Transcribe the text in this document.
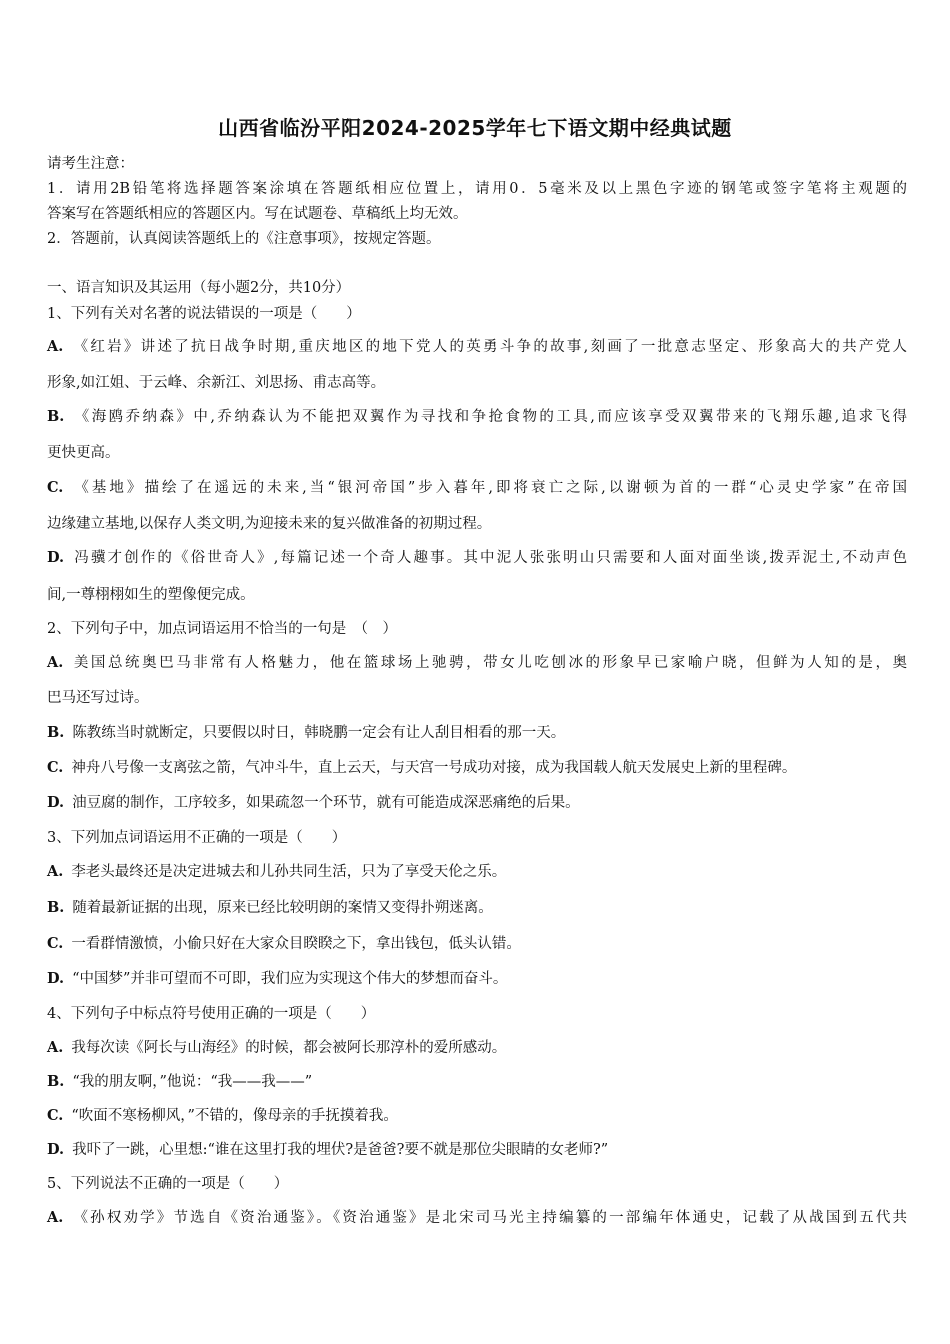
山西省临汾平阳2024-2025学年七下语文期中经典试题
请考生注意：
1．请用2B铅笔将选择题答案涂填在答题纸相应位置上，请用0．5毫米及以上黑色字迹的钢笔或签字笔将主观题的
答案写在答题纸相应的答题区内。写在试题卷、草稿纸上均无效。
2．答题前，认真阅读答题纸上的《注意事项》，按规定答题。
一、语言知识及其运用（每小题2分，共10分）
1、下列有关对名著的说法错误的一项是（　　）
A. 《红岩》讲述了抗日战争时期,重庆地区的地下党人的英勇斗争的故事,刻画了一批意志坚定、形象高大的共产党人
形象,如江姐、于云峰、余新江、刘思扬、甫志高等。
B. 《海鸥乔纳森》中,乔纳森认为不能把双翼作为寻找和争抢食物的工具,而应该享受双翼带来的飞翔乐趣,追求飞得
更快更高。
C. 《基地》描绘了在遥远的未来,当“银河帝国”步入暮年,即将衰亡之际,以谢顿为首的一群“心灵史学家”在帝国
边缘建立基地,以保存人类文明,为迎接未来的复兴做准备的初期过程。
D. 冯骥才创作的《俗世奇人》,每篇记述一个奇人趣事。其中泥人张张明山只需要和人面对面坐谈,拨弄泥土,不动声色
间,一尊栩栩如生的塑像便完成。
2、下列句子中，加点词语运用不恰当的一句是　（　）
A. 美国总统奥巴马非常有人格魅力，他在篮球场上驰骋，带女儿吃刨冰的形象早已家喻户晓，但鲜为人知的是，奥
巴马还写过诗。
B. 陈教练当时就断定，只要假以时日，韩晓鹏一定会有让人刮目相看的那一天。
C. 神舟八号像一支离弦之箭，气冲斗牛，直上云天，与天宫一号成功对接，成为我国载人航天发展史上新的里程碑。
D. 油豆腐的制作，工序较多，如果疏忽一个环节，就有可能造成深恶痛绝的后果。
3、下列加点词语运用不正确的一项是（　　）
A. 李老头最终还是决定进城去和儿孙共同生活，只为了享受天伦之乐。
B. 随着最新证据的出现，原来已经比较明朗的案情又变得扑朔迷离。
C. 一看群情激愤，小偷只好在大家众目睽睽之下，拿出钱包，低头认错。
D. “中国梦”并非可望而不可即，我们应为实现这个伟大的梦想而奋斗。
4、下列句子中标点符号使用正确的一项是（　　）
A. 我每次读《阿长与山海经》的时候，都会被阿长那淳朴的爱所感动。
B. “我的朋友啊，”他说：“我——我——”
C. “吹面不寒杨柳风，”不错的，像母亲的手抚摸着我。
D. 我吓了一跳，心里想:“谁在这里打我的埋伏?是爸爸?要不就是那位尖眼睛的女老师?”
5、下列说法不正确的一项是（　　）
A. 《孙权劝学》节选自《资治通鉴》。《资治通鉴》是北宋司马光主持编纂的一部编年体通史，记载了从战国到五代共
